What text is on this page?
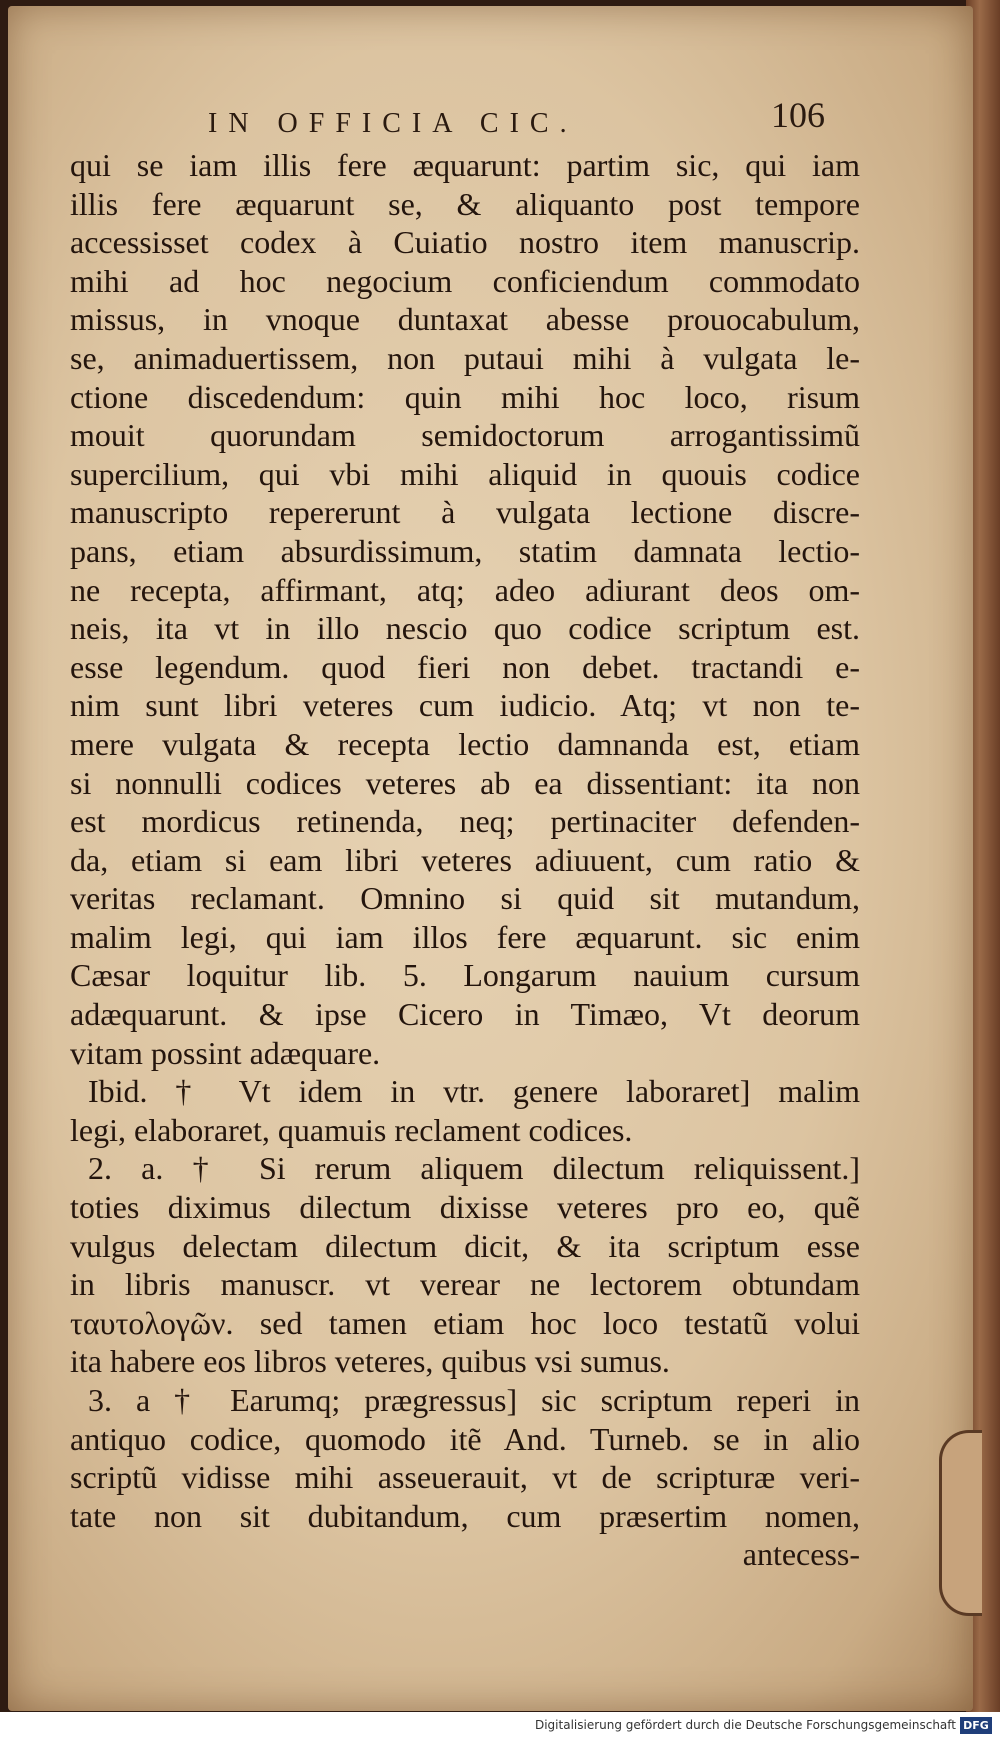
IN OFFICIA CIC.	106
qui se iam illis fere æquarunt: partim sic, qui iam
illis fere æquarunt se, & aliquanto post tempore
accessisset codex à Cuiatio nostro item manuscrip.
mihi ad hoc negocium conficiendum commodato
missus, in vnoque duntaxat abesse prouocabulum,
se, animaduertissem, non putaui mihi à vulgata le-
ctione discedendum: quin mihi hoc loco, risum
mouit quorundam semidoctorum arrogantissimũ
supercilium, qui vbi mihi aliquid in quouis codice
manuscripto repererunt à vulgata lectione discre-
pans, etiam absurdissimum, statim damnata lectio-
ne recepta, affirmant, atq; adeo adiurant deos om-
neis, ita vt in illo nescio quo codice scriptum est.
esse legendum. quod fieri non debet. tractandi e-
nim sunt libri veteres cum iudicio. Atq; vt non te-
mere vulgata & recepta lectio damnanda est, etiam
si nonnulli codices veteres ab ea dissentiant: ita non
est mordicus retinenda, neq; pertinaciter defenden-
da, etiam si eam libri veteres adiuuent, cum ratio &
veritas reclamant. Omnino si quid sit mutandum,
malim legi, qui iam illos fere æquarunt. sic enim
Cæsar loquitur lib. 5. Longarum nauium cursum
adæquarunt. & ipse Cicero in Timæo, Vt deorum
vitam possint adæquare.
Ibid. † Vt idem in vtr. genere laboraret] malim
legi, elaboraret, quamuis reclament codices.
2. a. † Si rerum aliquem dilectum reliquissent.]
toties diximus dilectum dixisse veteres pro eo, quẽ
vulgus delectam dilectum dicit, & ita scriptum esse
in libris manuscr. vt verear ne lectorem obtundam
ταυτολογῶν. sed tamen etiam hoc loco testatũ volui
ita habere eos libros veteres, quibus vsi sumus.
3. a † Earumq; prægressus] sic scriptum reperi in
antiquo codice, quomodo itẽ And. Turneb. se in alio
scriptũ vidisse mihi asseuerauit, vt de scripturæ veri-
tate non sit dubitandum, cum præsertim nomen,
antecess-
Digitalisierung gefördert durch die Deutsche Forschungsgemeinschaft DFG
